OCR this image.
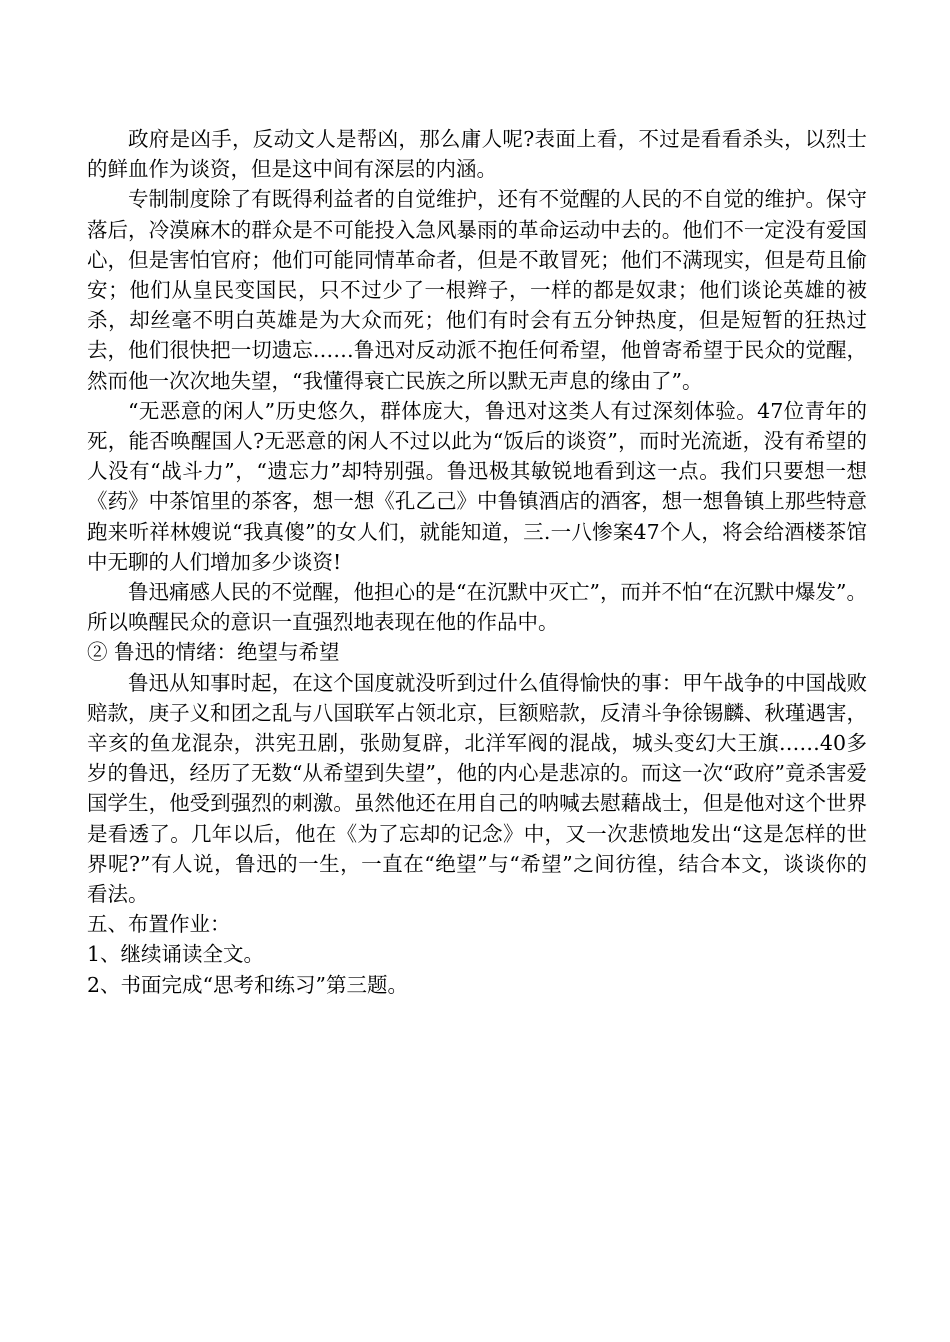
政府是凶手，反动文人是帮凶，那么庸人呢?表面上看，不过是看看杀头，以烈士的鲜血作为谈资，但是这中间有深层的内涵。

专制制度除了有既得利益者的自觉维护，还有不觉醒的人民的不自觉的维护。保守落后，冷漠麻木的群众是不可能投入急风暴雨的革命运动中去的。他们不一定没有爱国心，但是害怕官府；他们可能同情革命者，但是不敢冒死；他们不满现实，但是苟且偷安；他们从皇民变国民，只不过少了一根辫子，一样的都是奴隶；他们谈论英雄的被杀，却丝毫不明白英雄是为大众而死；他们有时会有五分钟热度，但是短暂的狂热过去，他们很快把一切遗忘……鲁迅对反动派不抱任何希望，他曾寄希望于民众的觉醒，然而他一次次地失望，“我懂得衰亡民族之所以默无声息的缘由了”。

“无恶意的闲人”历史悠久，群体庞大，鲁迅对这类人有过深刻体验。47位青年的死，能否唤醒国人?无恶意的闲人不过以此为“饭后的谈资”，而时光流逝，没有希望的人没有“战斗力”，“遗忘力”却特别强。鲁迅极其敏锐地看到这一点。我们只要想一想《药》中茶馆里的茶客，想一想《孔乙己》中鲁镇酒店的酒客，想一想鲁镇上那些特意跑来听祥林嫂说“我真傻”的女人们，就能知道，三.一八惨案47个人，将会给酒楼茶馆中无聊的人们增加多少谈资!

鲁迅痛感人民的不觉醒，他担心的是“在沉默中灭亡”，而并不怕“在沉默中爆发”。所以唤醒民众的意识一直强烈地表现在他的作品中。

② 鲁迅的情绪：绝望与希望

鲁迅从知事时起，在这个国度就没听到过什么值得愉快的事：甲午战争的中国战败赔款，庚子义和团之乱与八国联军占领北京，巨额赔款，反清斗争徐锡麟、秋瑾遇害，辛亥的鱼龙混杂，洪宪丑剧，张勋复辟，北洋军阀的混战，城头变幻大王旗……40多岁的鲁迅，经历了无数“从希望到失望”，他的内心是悲凉的。而这一次“政府”竟杀害爱国学生，他受到强烈的刺激。虽然他还在用自己的呐喊去慰藉战士，但是他对这个世界是看透了。几年以后，他在《为了忘却的记念》中，又一次悲愤地发出“这是怎样的世界呢?”有人说，鲁迅的一生，一直在“绝望”与“希望”之间彷徨，结合本文，谈谈你的看法。

五、布置作业：

1、继续诵读全文。

2、书面完成“思考和练习”第三题。
